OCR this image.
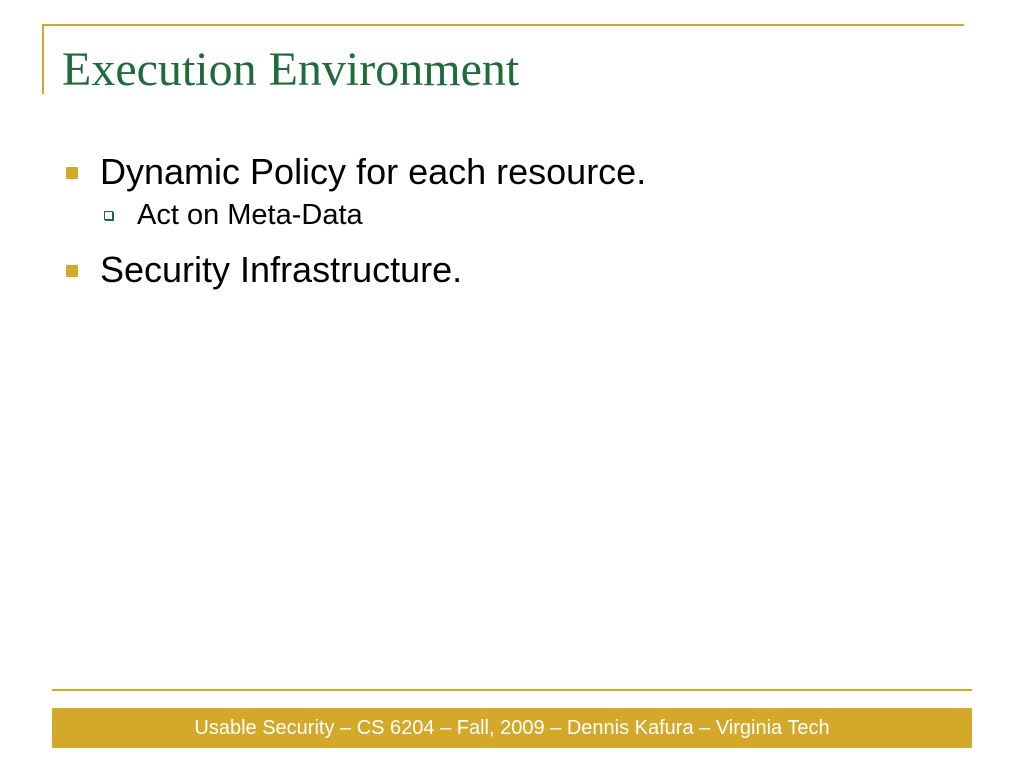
Execution Environment
Dynamic Policy for each resource.
Act on Meta-Data
Security Infrastructure.
Usable Security – CS 6204 – Fall, 2009 – Dennis Kafura – Virginia Tech
